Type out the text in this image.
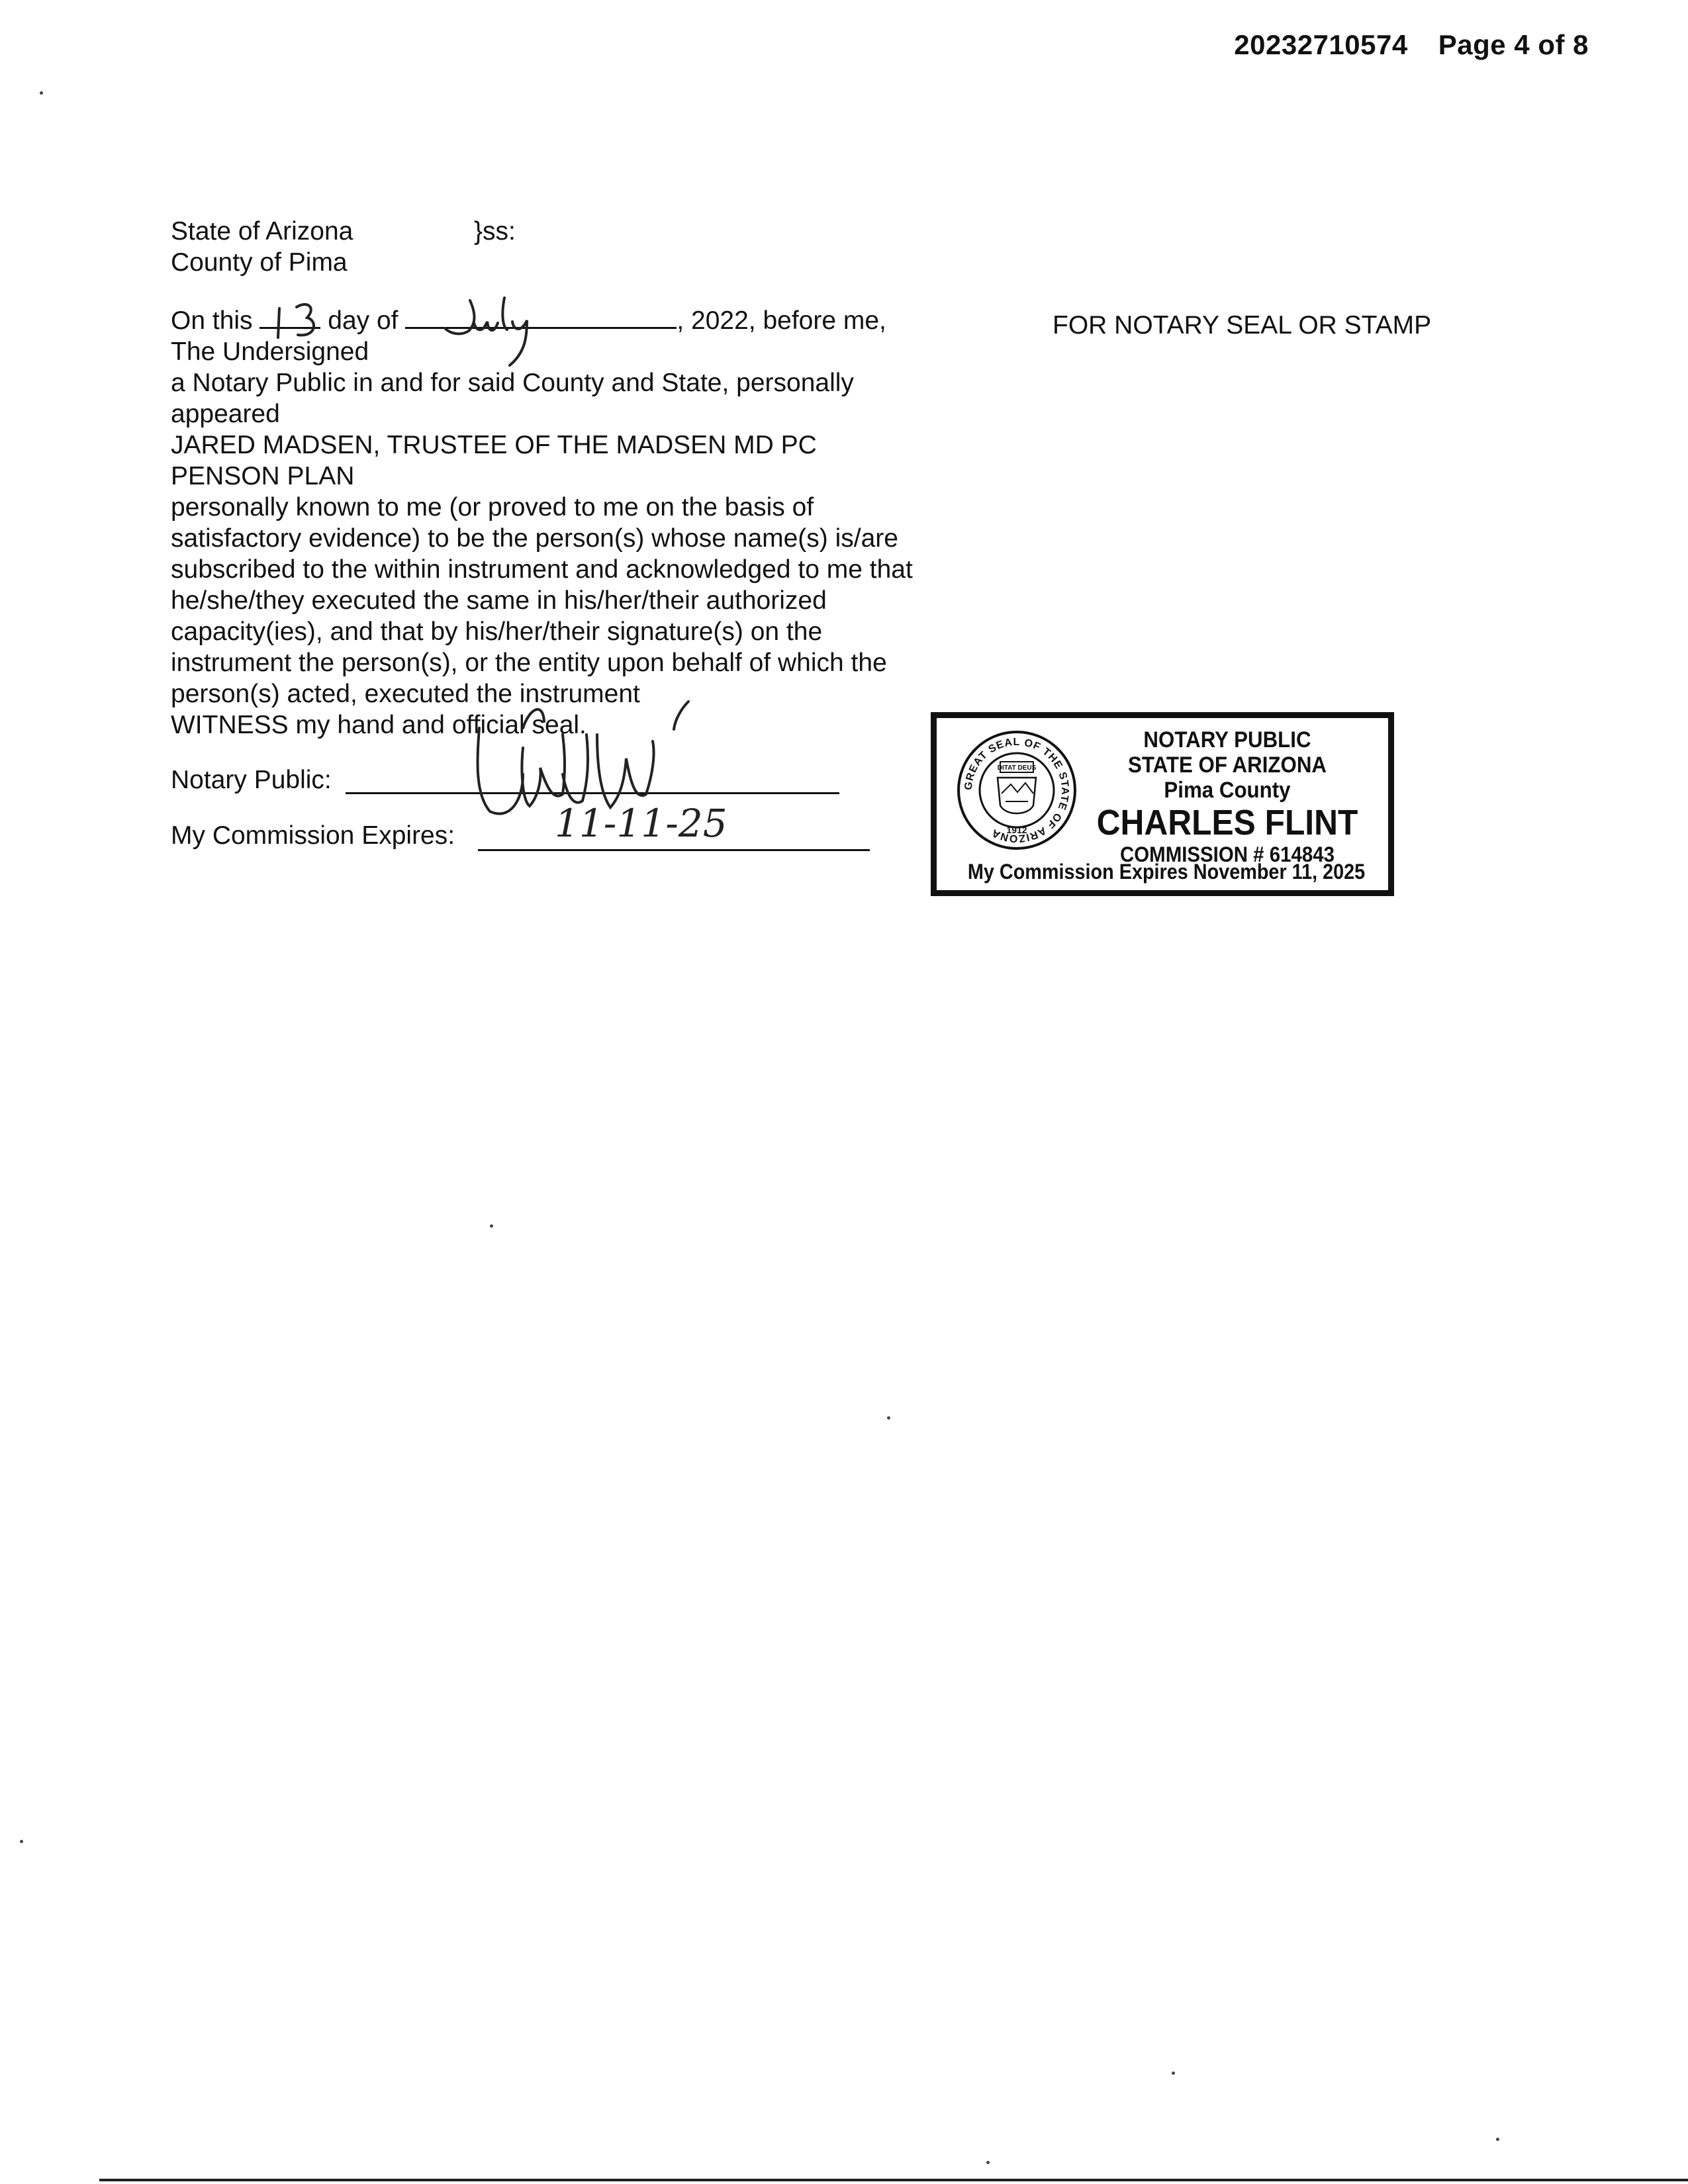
20232710574 Page 4 of 8
FOR NOTARY SEAL OR STAMP
State of Arizona	}ss:
County of Pima
On this	day of	, 2022, before me,

The Undersigned

a Notary Public in and for said County and State, personally

appeared

JARED MADSEN, TRUSTEE OF THE MADSEN MD PC

PENSON PLAN

personally known to me (or proved to me on the basis of

satisfactory evidence) to be the person(s) whose name(s) is/are

subscribed to the within instrument and acknowledged to me that

he/she/they executed the same in his/her/their authorized

capacity(ies), and that by his/her/their signature(s) on the

instrument the person(s), or the entity upon behalf of which the

person(s) acted, executed the instrument

WITNESS my hand and official seal.

Notary Public:
My Commission Expires:	11-11-25
GREAT SEAL OF THE STATE OF ARIZONA
DITAT DEUS
1912
NOTARY PUBLIC
STATE OF ARIZONA
Pima County
CHARLES FLINT
COMMISSION # 614843
My Commission Expires November 11, 2025
